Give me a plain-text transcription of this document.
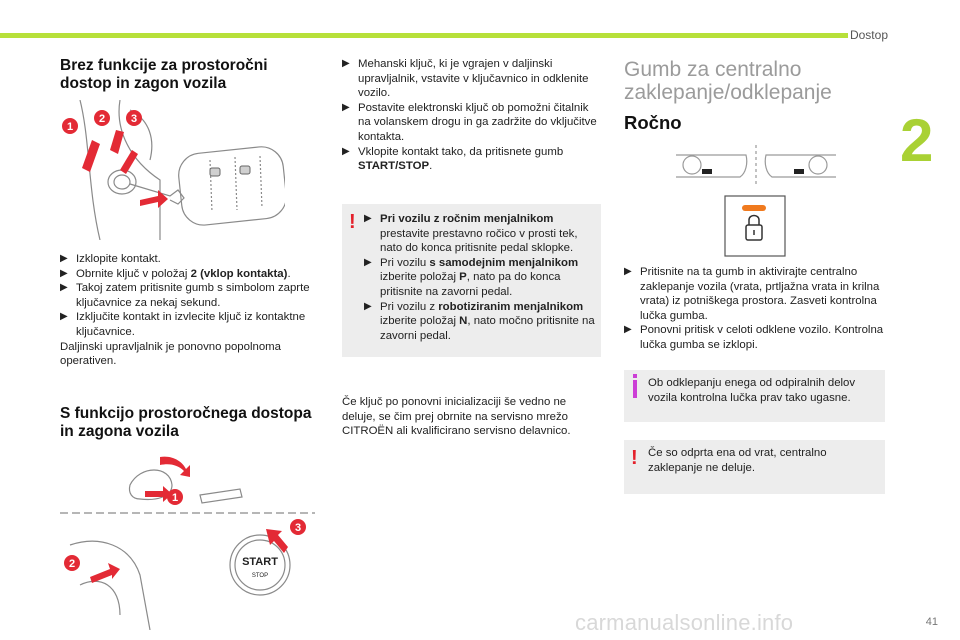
Dostop
2
Brez funkcije za prostoročni dostop in zagon vozila
1
2 3
▶ Izklopite kontakt.
▶ Obrnite ključ v položaj 2 (vklop kontakta).
▶ Takoj zatem pritisnite gumb s simbolom zaprte ključavnice za nekaj sekund.
▶ Izključite kontakt in izvlecite ključ iz kontaktne ključavnice.
Daljinski upravljalnik je ponovno popolnoma operativen.
S funkcijo prostoročnega dostopa in zagona vozila
1
2
3
START
STOP
▶ Mehanski ključ, ki je vgrajen v daljinski upravljalnik, vstavite v ključavnico in odklenite vozilo.
▶ Postavite elektronski ključ ob pomožni čitalnik na volanskem drogu in ga zadržite do vključitve kontakta.
▶ Vklopite kontakt tako, da pritisnete gumb START/STOP.
! ▶ Pri vozilu z ročnim menjalnikom prestavite prestavno ročico v prosti tek, nato do konca pritisnite pedal sklopke.
▶ Pri vozilu s samodejnim menjalnikom izberite položaj P, nato pa do konca pritisnite na zavorni pedal.
▶ Pri vozilu z robotiziranim menjalnikom izberite položaj N, nato močno pritisnite na zavorni pedal.
Če ključ po ponovni inicializaciji še vedno ne deluje, se čim prej obrnite na servisno mrežo CITROËN ali kvalificirano servisno delavnico.
Gumb za centralno zaklepanje/odklepanje
Ročno
▶ Pritisnite na ta gumb in aktivirajte centralno zaklepanje vozila (vrata, prtljažna vrata in krilna vrata) iz potniškega prostora. Zasveti kontrolna lučka gumba.
▶ Ponovni pritisk v celoti odklene vozilo. Kontrolna lučka gumba se izklopi.
Ob odklepanju enega od odpiralnih delov vozila kontrolna lučka prav tako ugasne.
! Če so odprta ena od vrat, centralno zaklepanje ne deluje.
carmanualsonline.info	41
